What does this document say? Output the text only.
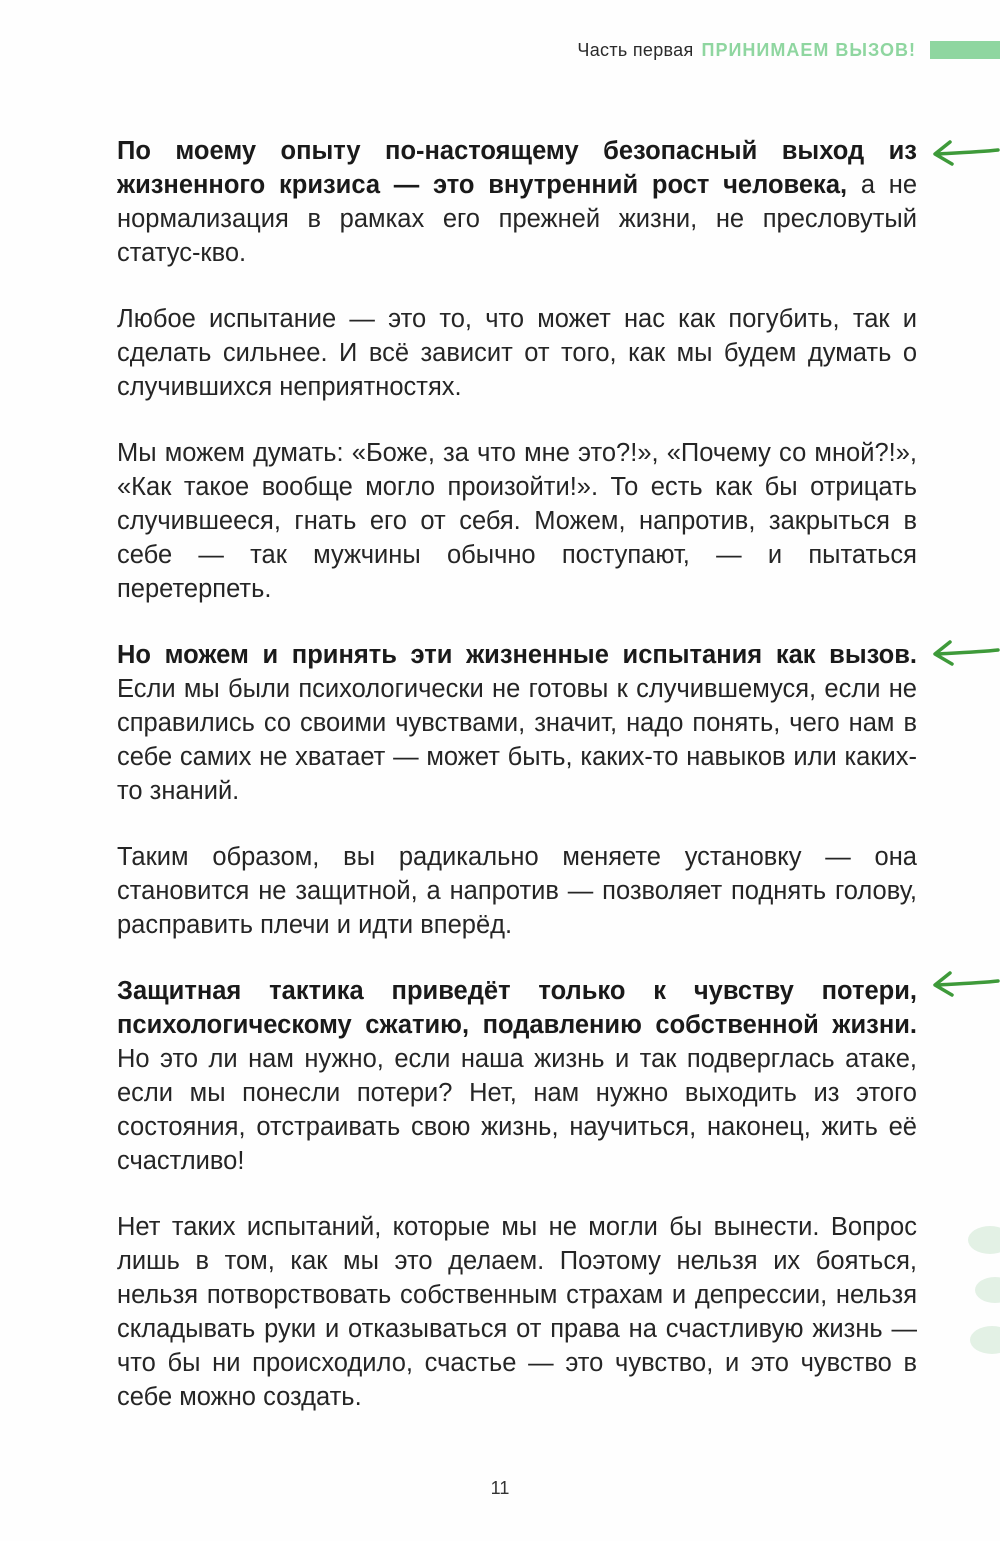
Часть первая ПРИНИМАЕМ ВЫЗОВ!

По моему опыту по-настоящему безопасный выход из жизненного кризиса — это внутренний рост человека, а не нормализация в рамках его прежней жизни, не пресловутый статус-кво.

Любое испытание — это то, что может нас как погубить, так и сделать сильнее. И всё зависит от того, как мы будем думать о случившихся неприятностях.

Мы можем думать: «Боже, за что мне это?!», «Почему со мной?!», «Как такое вообще могло произойти!». То есть как бы отрицать случившееся, гнать его от себя. Можем, напротив, закрыться в себе — так мужчины обычно поступают, — и пытаться перетерпеть.

Но можем и принять эти жизненные испытания как вызов. Если мы были психологически не готовы к случившемуся, если не справились со своими чувствами, значит, надо понять, чего нам в себе самих не хватает — может быть, каких-то навыков или каких-то знаний.

Таким образом, вы радикально меняете установку — она становится не защитной, а напротив — позволяет поднять голову, расправить плечи и идти вперёд.

Защитная тактика приведёт только к чувству потери, психологическому сжатию, подавлению собственной жизни. Но это ли нам нужно, если наша жизнь и так подверглась атаке, если мы понесли потери? Нет, нам нужно выходить из этого состояния, отстраивать свою жизнь, научиться, наконец, жить её счастливо!

Нет таких испытаний, которые мы не могли бы вынести. Вопрос лишь в том, как мы это делаем. Поэтому нельзя их бояться, нельзя потворствовать собственным страхам и депрессии, нельзя складывать руки и отказываться от права на счастливую жизнь — что бы ни происходило, счастье — это чувство, и это чувство в себе можно создать.

11
